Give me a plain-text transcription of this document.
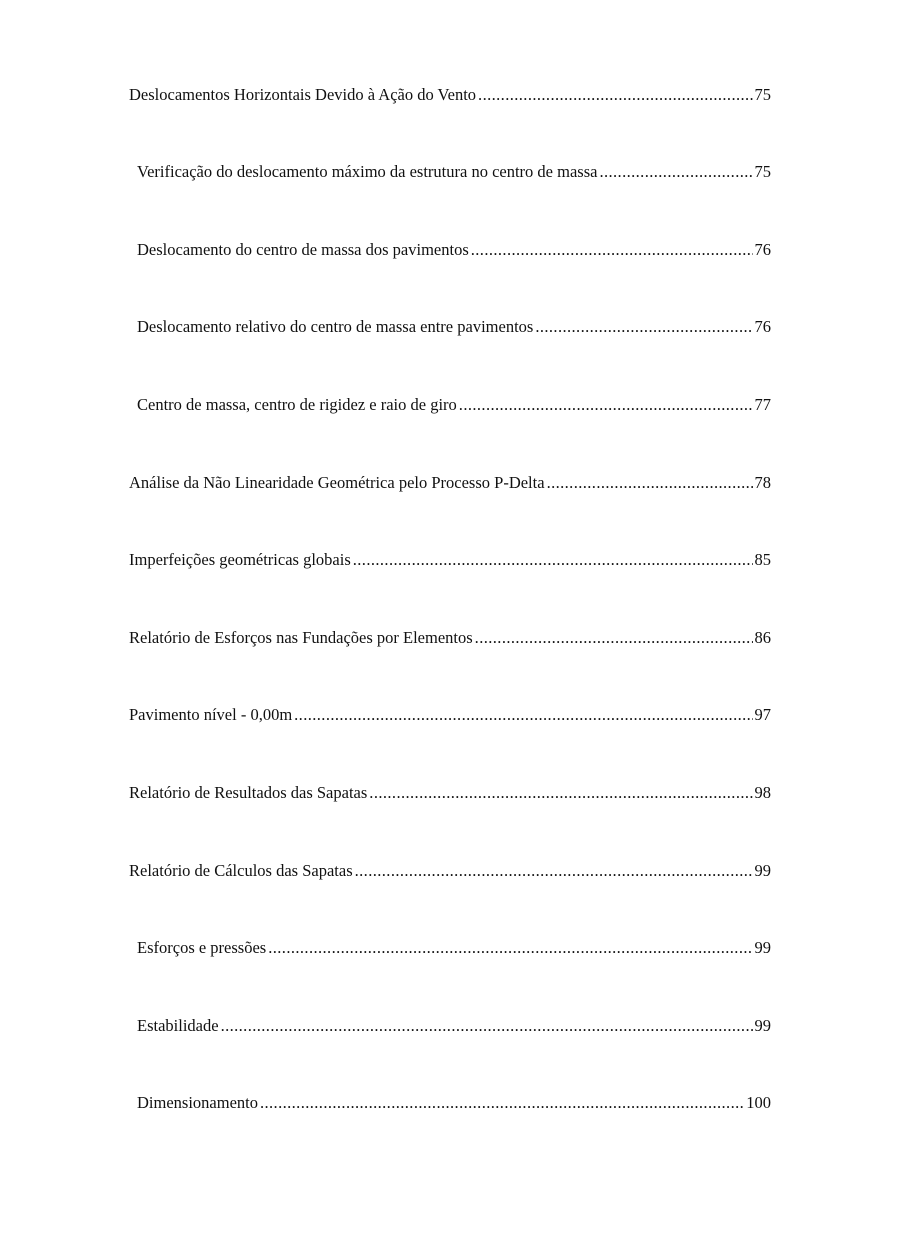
Deslocamentos Horizontais Devido à Ação do Vento .....	75
Verificação do deslocamento máximo da estrutura no centro de massa .....	75
Deslocamento do centro de massa dos pavimentos .....	76
Deslocamento relativo do centro de massa entre pavimentos .....	76
Centro de massa, centro de rigidez e raio de giro .....	77
Análise da Não Linearidade Geométrica pelo Processo P-Delta .....	78
Imperfeições geométricas globais .....	85
Relatório de Esforços nas Fundações por Elementos .....	86
Pavimento nível - 0,00m .....	97
Relatório de Resultados das Sapatas .....	98
Relatório de Cálculos das Sapatas .....	99
Esforços e pressões .....	99
Estabilidade .....	99
Dimensionamento .....	100
